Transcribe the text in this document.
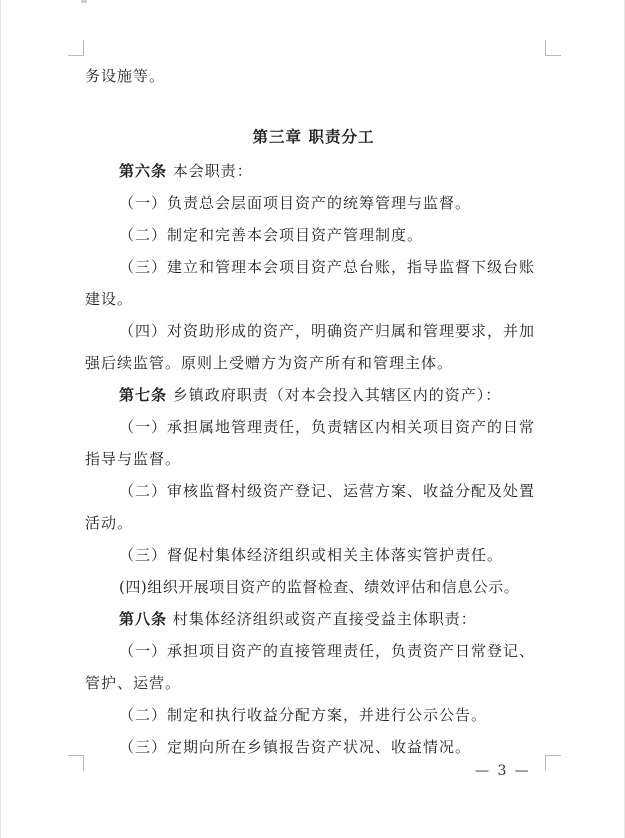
务设施等。
第三章 职责分工
第六条 本会职责：
（一）负责总会层面项目资产的统筹管理与监督。
（二）制定和完善本会项目资产管理制度。
（三）建立和管理本会项目资产总台账，指导监督下级台账
建设。
（四）对资助形成的资产，明确资产归属和管理要求，并加
强后续监管。原则上受赠方为资产所有和管理主体。
第七条 乡镇政府职责（对本会投入其辖区内的资产）：
（一）承担属地管理责任，负责辖区内相关项目资产的日常
指导与监督。
（二）审核监督村级资产登记、运营方案、收益分配及处置
活动。
（三）督促村集体经济组织或相关主体落实管护责任。
(四)组织开展项目资产的监督检查、绩效评估和信息公示。
第八条 村集体经济组织或资产直接受益主体职责：
（一）承担项目资产的直接管理责任，负责资产日常登记、
管护、运营。
（二）制定和执行收益分配方案，并进行公示公告。
（三）定期向所在乡镇报告资产状况、收益情况。
— 3 —
